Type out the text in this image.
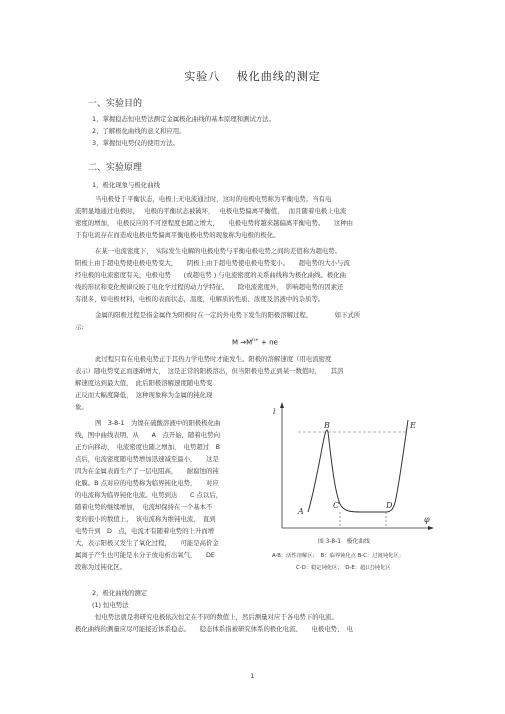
实验八　 极化曲线的测定
一、实验目的
1、掌握稳态恒电势法测定金属极化曲线的基本原理和测试方法。
2、了解极化曲线的意义和应用。
3、掌握恒电势仪的使用方法。
二、实验原理
1、极化现象与极化曲线
当电极处于平衡状态，电极上无电流通过时，这时的电极电势称为平衡电势。当有电
流明显地通过电极时，　 电极的平衡状态被破坏，　 电极电势偏离平衡值，　 而且随着电极上电流
密度的增加，　电极反应的不可逆程度也随之增大，　　电极电势将越来越偏离平衡电势。　　这种由
于有电流存在而造成电极电势偏离平衡电极电势的现象称为电极的极化。
在某一电流密度下，　实际发生电解的电极电势与平衡电极电势之间的差值称为超电势。
阳极上由于超电势使电极电势变大，　　阴极上由于超电势使电极电势变小。　　超电势的大小与流
经电极的电流密度有关，电极电势　　(或超电势 ) 与电流密度的关系曲线称为极化曲线。极化曲
线的形状和变化规律反映了电化学过程的动力学特征。　　除电流密度外，　影响超电势的因素还
有很多，如电极材料，电极的表面状态，温度，电解质的性质、浓度及溶液中的杂质等。
金属的阳极过程是指金属作为阳极时在一定的外电势下发生的阳极溶解过程，　　　　如下式所
示:
$M \to M^{n+}$ + ne
此过程只有在电极电势正于其热力学电势时才能发生。阳极的溶解速度（用电流密度
表示）随电势变正而逐渐增大，　这是正常的阳极溶出，但当阳极电势正到某一数值时，　　其溶
解速度达到最大值，　此后阳极溶解速度随电势变
正反而大幅度降低，　这种现象称为金属的钝化现
象。
图　3-8-1　为镍在硫酸溶液中的阳极极化曲
线，图中曲线表明，从　　A　点开始，随着电势向
正方向移动，　电流密度也随之增加，　电势超过　B
点后，电流密度随电势增加迅速减至最小，　　这是
因为在金属表面生产了一层电阻高，　　耐腐蚀的钝
化膜。B 点对应的电势称为临界钝化电势，　　对应
的电流称为临界钝化电流。电势到达　　C 点以后，
随着电势的继续增加，　电流却保持在一个基本不
变的很小的数值上，　该电流称为维钝电流，　直到
电势升到　D　点，电流才有随着电势的上升而增
大，表示阳极又发生了氧化过程，　　可能是高价金
属离子产生也可能是水分子放电析出氧气，　　DE
段称为过钝化区。
i
φ
A
B
C	D
E
图 3-8-1　极化曲线
A-B：活性溶解区；　B：临界钝化点 B-C：过渡钝化区；
C-D：稳定钝化区；　D-E：超(过)钝化区
2、极化曲线的测定
(1) 恒电势法
恒电势法就是将研究电极依次恒定在不同的数值上，然后测量对应于各电势下的电流。
极化曲线的测量应尽可能接近体系稳态。　　稳态体系指被研究体系的极化电流、　　电极电势、　电
1
